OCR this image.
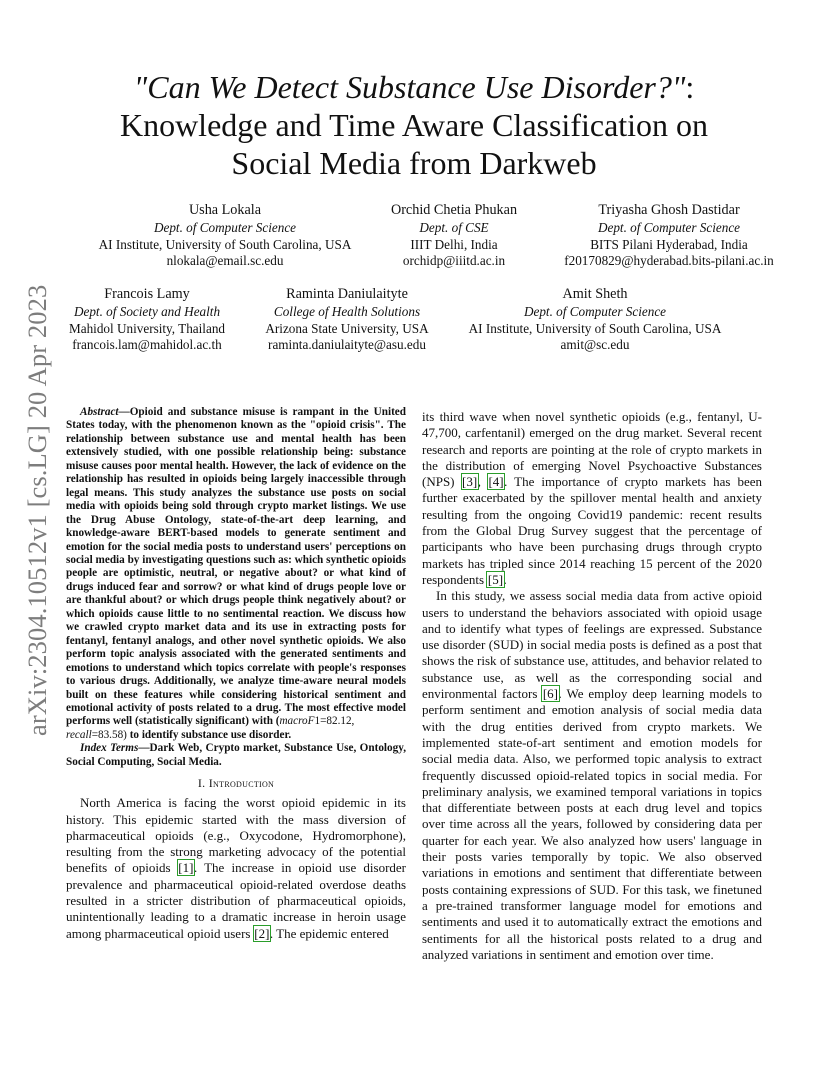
arXiv:2304.10512v1 [cs.LG] 20 Apr 2023
"Can We Detect Substance Use Disorder?":
Knowledge and Time Aware Classification on
Social Media from Darkweb
Usha Lokala
Dept. of Computer Science
AI Institute, University of South Carolina, USA
nlokala@email.sc.edu
Orchid Chetia Phukan
Dept. of CSE
IIIT Delhi, India
orchidp@iiitd.ac.in
Triyasha Ghosh Dastidar
Dept. of Computer Science
BITS Pilani Hyderabad, India
f20170829@hyderabad.bits-pilani.ac.in
Francois Lamy
Dept. of Society and Health
Mahidol University, Thailand
francois.lam@mahidol.ac.th
Raminta Daniulaityte
College of Health Solutions
Arizona State University, USA
raminta.daniulaityte@asu.edu
Amit Sheth
Dept. of Computer Science
AI Institute, University of South Carolina, USA
amit@sc.edu

Abstract—Opioid and substance misuse is rampant in the United States today, with the phenomenon known as the "opioid crisis". The relationship between substance use and mental health has been extensively studied, with one possible relationship being: substance misuse causes poor mental health. However, the lack of evidence on the relationship has resulted in opioids being largely inaccessible through legal means. This study analyzes the substance use posts on social media with opioids being sold through crypto market listings. We use the Drug Abuse Ontology, state-of-the-art deep learning, and knowledge-aware BERT-based models to generate sentiment and emotion for the social media posts to understand users' perceptions on social media by investigating questions such as: which synthetic opioids people are optimistic, neutral, or negative about? or what kind of drugs induced fear and sorrow? or what kind of drugs people love or are thankful about? or which drugs people think negatively about? or which opioids cause little to no sentimental reaction. We discuss how we crawled crypto market data and its use in extracting posts for fentanyl, fentanyl analogs, and other novel synthetic opioids. We also perform topic analysis associated with the generated sentiments and emotions to understand which topics correlate with people's responses to various drugs. Additionally, we analyze time-aware neural models built on these features while considering historical sentiment and emotional activity of posts related to a drug. The most effective model performs well (statistically significant) with (macroF1=82.12,
recall=83.58) to identify substance use disorder.

Index Terms—Dark Web, Crypto market, Substance Use, Ontology, Social Computing, Social Media.

I. Introduction

North America is facing the worst opioid epidemic in its history. This epidemic started with the mass diversion of pharmaceutical opioids (e.g., Oxycodone, Hydromorphone), resulting from the strong marketing advocacy of the potential benefits of opioids [1]. The increase in opioid use disorder prevalence and pharmaceutical opioid-related overdose deaths resulted in a stricter distribution of pharmaceutical opioids, unintentionally leading to a dramatic increase in heroin usage among pharmaceutical opioid users [2]. The epidemic entered

its third wave when novel synthetic opioids (e.g., fentanyl, U-47,700, carfentanil) emerged on the drug market. Several recent research and reports are pointing at the role of crypto markets in the distribution of emerging Novel Psychoactive Substances (NPS) [3], [4]. The importance of crypto markets has been further exacerbated by the spillover mental health and anxiety resulting from the ongoing Covid19 pandemic: recent results from the Global Drug Survey suggest that the percentage of participants who have been purchasing drugs through crypto markets has tripled since 2014 reaching 15 percent of the 2020 respondents [5].

In this study, we assess social media data from active opioid users to understand the behaviors associated with opioid usage and to identify what types of feelings are expressed. Substance use disorder (SUD) in social media posts is defined as a post that shows the risk of substance use, attitudes, and behavior related to substance use, as well as the corresponding social and environmental factors [6]. We employ deep learning models to perform sentiment and emotion analysis of social media data with the drug entities derived from crypto markets. We implemented state-of-art sentiment and emotion models for social media data. Also, we performed topic analysis to extract frequently discussed opioid-related topics in social media. For preliminary analysis, we examined temporal variations in topics that differentiate between posts at each drug level and topics over time across all the years, followed by considering data per quarter for each year. We also analyzed how users' language in their posts varies temporally by topic. We also observed variations in emotions and sentiment that differentiate between posts containing expressions of SUD. For this task, we finetuned a pre-trained transformer language model for emotions and sentiments and used it to automatically extract the emotions and sentiments for all the historical posts related to a drug and analyzed variations in sentiment and emotion over time.
